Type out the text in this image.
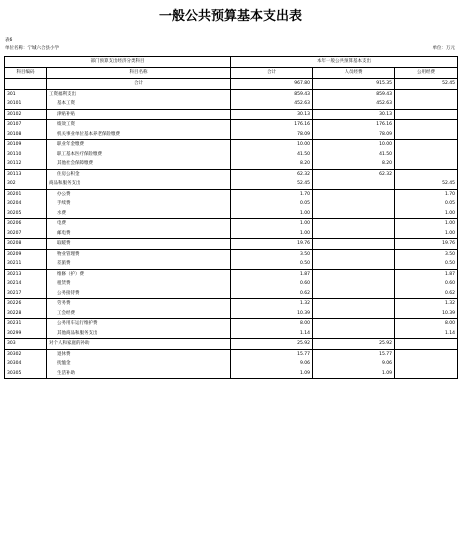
一般公共预算基本支出表
表6
单位名称：宁城六合县小学	单位：万元
部门预算支出经济分类科目		本年一般公共预算基本支出		
科目编码	科目名称	合计	人员经费	公用经费
	合计	967.80	915.35	52.45
301	工资福利支出	859.43	859.43	
30101	基本工资	452.63	452.63	
30102	津贴补贴	30.13	30.13	
30107	绩效工资	176.16	176.16	
30108	机关事业单位基本养老保险缴费	78.09	78.09	
30109	职业年金缴费	10.00	10.00	
30110	职工基本医疗保险缴费	41.50	41.50	
30112	其他社会保障缴费	8.20	8.20	
30113	住房公积金	62.32	62.32	
302	商品和服务支出	52.45		52.45
30201	办公费	1.70		1.70
30204	手续费	0.05		0.05
30205	水费	1.00		1.00
30206	电费	1.00		1.00
30207	邮电费	1.00		1.00
30208	取暖费	19.76		19.76
30209	物业管理费	3.50		3.50
30211	差旅费	0.50		0.50
30213	维修（护）费	1.87		1.87
30214	租赁费	0.60		0.60
30217	公务接待费	0.62		0.62
30226	劳务费	1.32		1.32
30228	工会经费	10.39		10.39
30231	公务用车运行维护费	8.00		8.00
30299	其他商品和服务支出	1.14		1.14
303	对个人和家庭的补助	25.92	25.92	
30302	退休费	15.77	15.77	
30304	抚恤金	9.06	9.06	
30305	生活补助	1.09	1.09	
